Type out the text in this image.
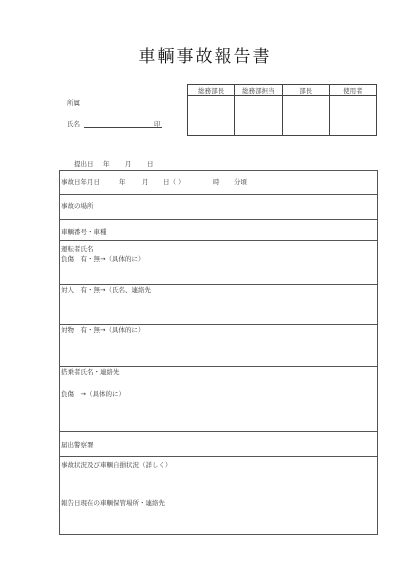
車輌事故報告書
総務部長	総務部担当	部長	使用者

所属
氏名	印
提出日 年 月 日
事故日年月日	年	月 日（ ）	時 分頃

事故の場所

車輌番号・車種

運転者氏名
負傷　有・無→（具体的に）

対人　有・無→（氏名、連絡先

対物　有・無→（具体的に）

搭乗者氏名・連絡先
負傷　→（具体的に）

届出警察署

事故状況及び車輌自損状況（詳しく）
報告日現在の車輌保管場所・連絡先
